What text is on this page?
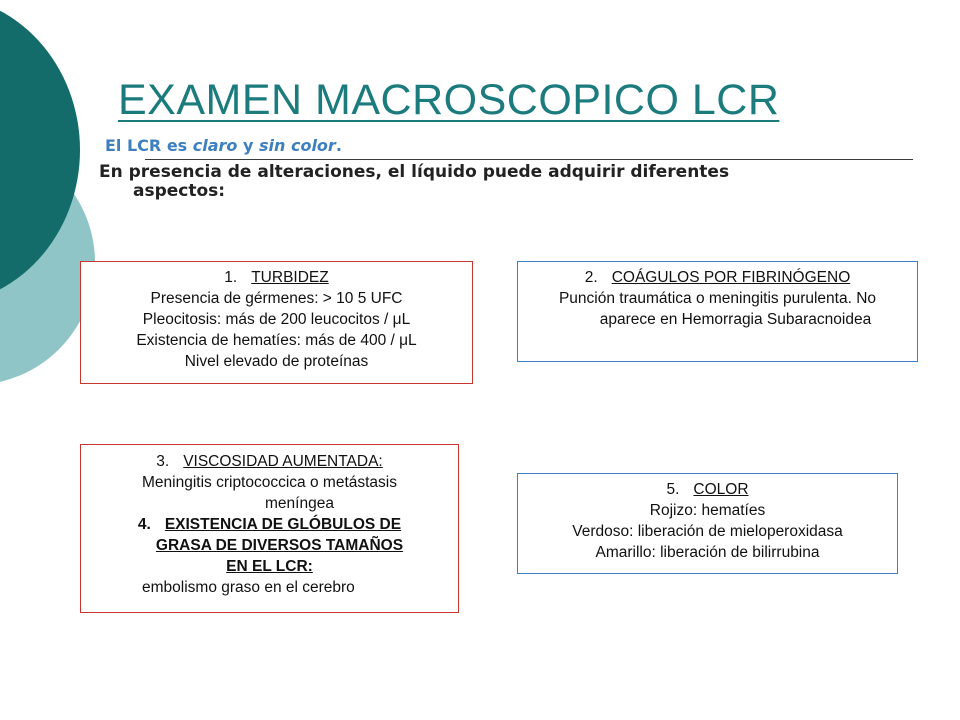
EXAMEN MACROSCOPICO LCR
El LCR es claro y sin color.
En presencia de alteraciones, el líquido puede adquirir diferentes
aspectos:
1. TURBIDEZ
Presencia de gérmenes: > 10 5 UFC
Pleocitosis: más de 200 leucocitos / μL
Existencia de hematíes: más de 400 / μL
Nivel elevado de proteínas
2. COÁGULOS POR FIBRINÓGENO
Punción traumática o meningitis purulenta. No
aparece en Hemorragia Subaracnoidea
3. VISCOSIDAD AUMENTADA:
Meningitis criptococcica o metástasis
meníngea
4. EXISTENCIA DE GLÓBULOS DE
GRASA DE DIVERSOS TAMAÑOS
EN EL LCR:
embolismo graso en el cerebro
5. COLOR
Rojizo: hematíes
Verdoso: liberación de mieloperoxidasa
Amarillo: liberación de bilirrubina
